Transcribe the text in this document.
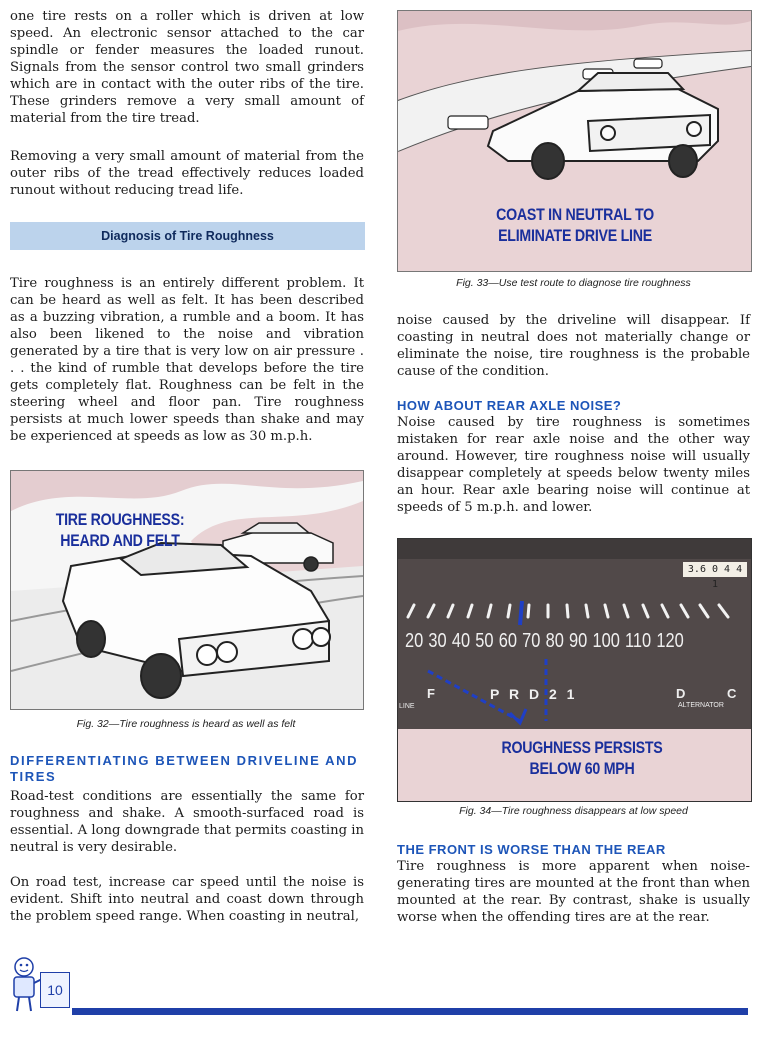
one tire rests on a roller which is driven at low speed. An electronic sensor attached to the car spindle or fender measures the loaded runout. Signals from the sensor control two small grinders which are in contact with the outer ribs of the tire. These grinders remove a very small amount of material from the tire tread.

Removing a very small amount of material from the outer ribs of the tread effectively reduces loaded runout without reducing tread life.

Diagnosis of Tire Roughness

Tire roughness is an entirely different problem. It can be heard as well as felt. It has been described as a buzzing vibration, a rumble and a boom. It has also been likened to the noise and vibration generated by a tire that is very low on air pressure . . . the kind of rumble that develops before the tire gets completely flat. Roughness can be felt in the steering wheel and floor pan. Tire roughness persists at much lower speeds than shake and may be experienced at speeds as low as 30 m.p.h.

TIRE ROUGHNESS:
HEARD AND FELT

Fig. 32—Tire roughness is heard as well as felt

DIFFERENTIATING BETWEEN DRIVELINE AND TIRES

Road-test conditions are essentially the same for roughness and shake. A smooth-surfaced road is essential. A long downgrade that permits coasting in neutral is very desirable.

On road test, increase car speed until the noise is evident. Shift into neutral and coast down through the problem speed range. When coasting in neutral,

COAST IN NEUTRAL TO
ELIMINATE DRIVE LINE

Fig. 33—Use test route to diagnose tire roughness

noise caused by the driveline will disappear. If coasting in neutral does not materially change or eliminate the noise, tire roughness is the probable cause of the condition.

HOW ABOUT REAR AXLE NOISE?

Noise caused by tire roughness is sometimes mistaken for rear axle noise and the other way around. However, tire roughness noise will usually disappear completely at speeds below twenty miles an hour. Rear axle bearing noise will continue at speeds of 5 m.p.h. and lower.

3.6 0 4 4 1
20 30 40 50 60 70 80 90 100 110 120
P R D 2 1
LINE
F	D
ALTERNATOR
C
ROUGHNESS PERSISTS
BELOW 60 MPH

Fig. 34—Tire roughness disappears at low speed

THE FRONT IS WORSE THAN THE REAR

Tire roughness is more apparent when noise-generating tires are mounted at the front than when mounted at the rear. By contrast, shake is usually worse when the offending tires are at the rear.

10
